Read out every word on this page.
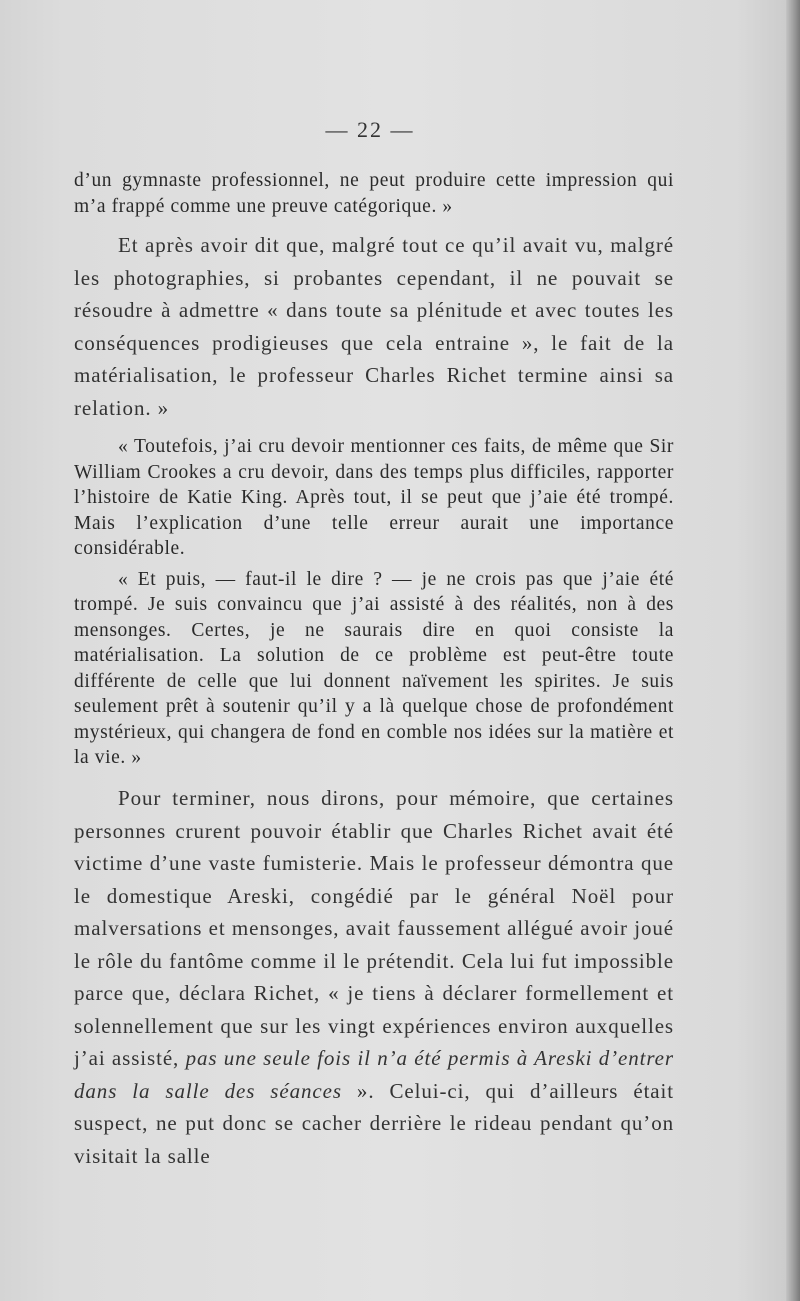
— 22 —

d’un gymnaste professionnel, ne peut produire cette impression qui m’a frappé comme une preuve catégorique. »

Et après avoir dit que, malgré tout ce qu’il avait vu, malgré les photographies, si probantes cependant, il ne pouvait se résoudre à admettre « dans toute sa plénitude et avec toutes les conséquences prodigieuses que cela entraine », le fait de la matérialisation, le professeur Charles Richet termine ainsi sa relation. »

« Toutefois, j’ai cru devoir mentionner ces faits, de même que Sir William Crookes a cru devoir, dans des temps plus difficiles, rapporter l’histoire de Katie King. Après tout, il se peut que j’aie été trompé. Mais l’explication d’une telle erreur aurait une importance considérable.

« Et puis, — faut-il le dire ? — je ne crois pas que j’aie été trompé. Je suis convaincu que j’ai assisté à des réalités, non à des mensonges. Certes, je ne saurais dire en quoi consiste la matérialisation. La solution de ce problème est peut-être toute différente de celle que lui donnent naïvement les spirites. Je suis seulement prêt à soutenir qu’il y a là quelque chose de profondément mystérieux, qui changera de fond en comble nos idées sur la matière et la vie. »

Pour terminer, nous dirons, pour mémoire, que certaines personnes crurent pouvoir établir que Charles Richet avait été victime d’une vaste fumisterie. Mais le professeur démontra que le domestique Areski, congédié par le général Noël pour malversations et mensonges, avait faussement allégué avoir joué le rôle du fantôme comme il le prétendit. Cela lui fut impossible parce que, déclara Richet, « je tiens à déclarer formellement et solennellement que sur les vingt expériences environ auxquelles j’ai assisté, pas une seule fois il n’a été permis à Areski d’entrer dans la salle des séances ». Celui-ci, qui d’ailleurs était suspect, ne put donc se cacher derrière le rideau pendant qu’on visitait la salle
